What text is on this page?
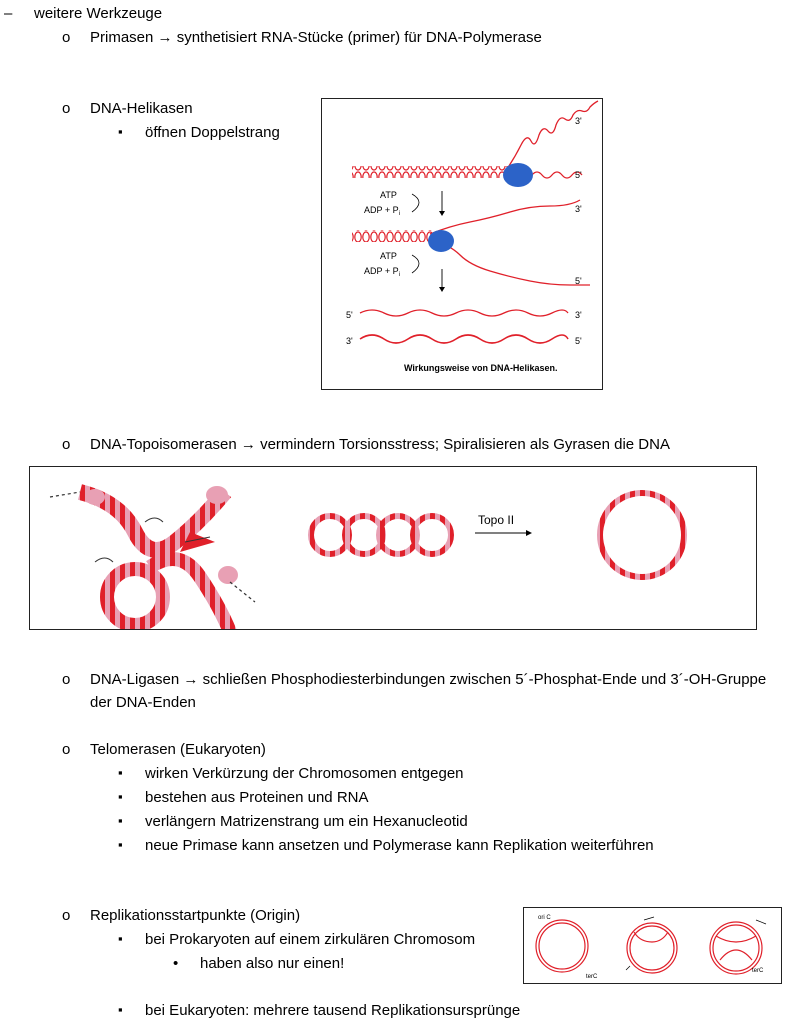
– weitere Werkzeuge
o Primasen → synthetisiert RNA-Stücke (primer) für DNA-Polymerase
o DNA-Helikasen
▪ öffnen Doppelstrang
3'
5'
ATP
ADP + $P_i$	3'
5'
ATP
ADP + $P_i$
5'	3'
3'	5'
Wirkungsweise von DNA-Helikasen.
o DNA-Topoisomerasen → vermindern Torsionsstress; Spiralisieren als Gyrasen die DNA
Topo II
o DNA-Ligasen → schließen Phosphodiesterbindungen zwischen 5´-Phosphat-Ende und 3´-OH-Gruppe
der DNA-Enden
o Telomerasen (Eukaryoten)
▪ wirken Verkürzung der Chromosomen entgegen
▪ bestehen aus Proteinen und RNA
▪ verlängern Matrizenstrang um ein Hexanucleotid
▪ neue Primase kann ansetzen und Polymerase kann Replikation weiterführen
o Replikationsstartpunkte (Origin)
▪ bei Prokaryoten auf einem zirkulären Chromosom
• haben also nur einen!
▪ bei Eukaryoten: mehrere tausend Replikationsursprünge
ori C
terC
terC
